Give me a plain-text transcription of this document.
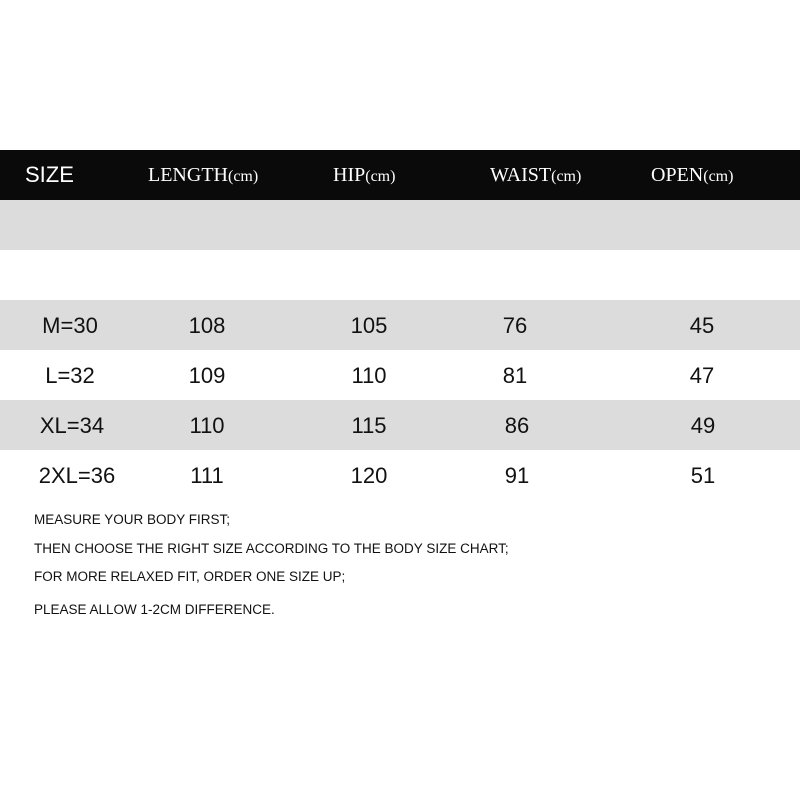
SIZE	LENGTH(cm)	HIP(cm)	WAIST(cm)	OPEN(cm)
M=30	108	105	76	45
L=32	109	110	81	47
XL=34	110	115	86	49
2XL=36	111	120	91	51
MEASURE YOUR BODY FIRST;
THEN CHOOSE THE RIGHT SIZE ACCORDING TO THE BODY SIZE CHART;
FOR MORE RELAXED FIT, ORDER ONE SIZE UP;
PLEASE ALLOW 1-2CM DIFFERENCE.
